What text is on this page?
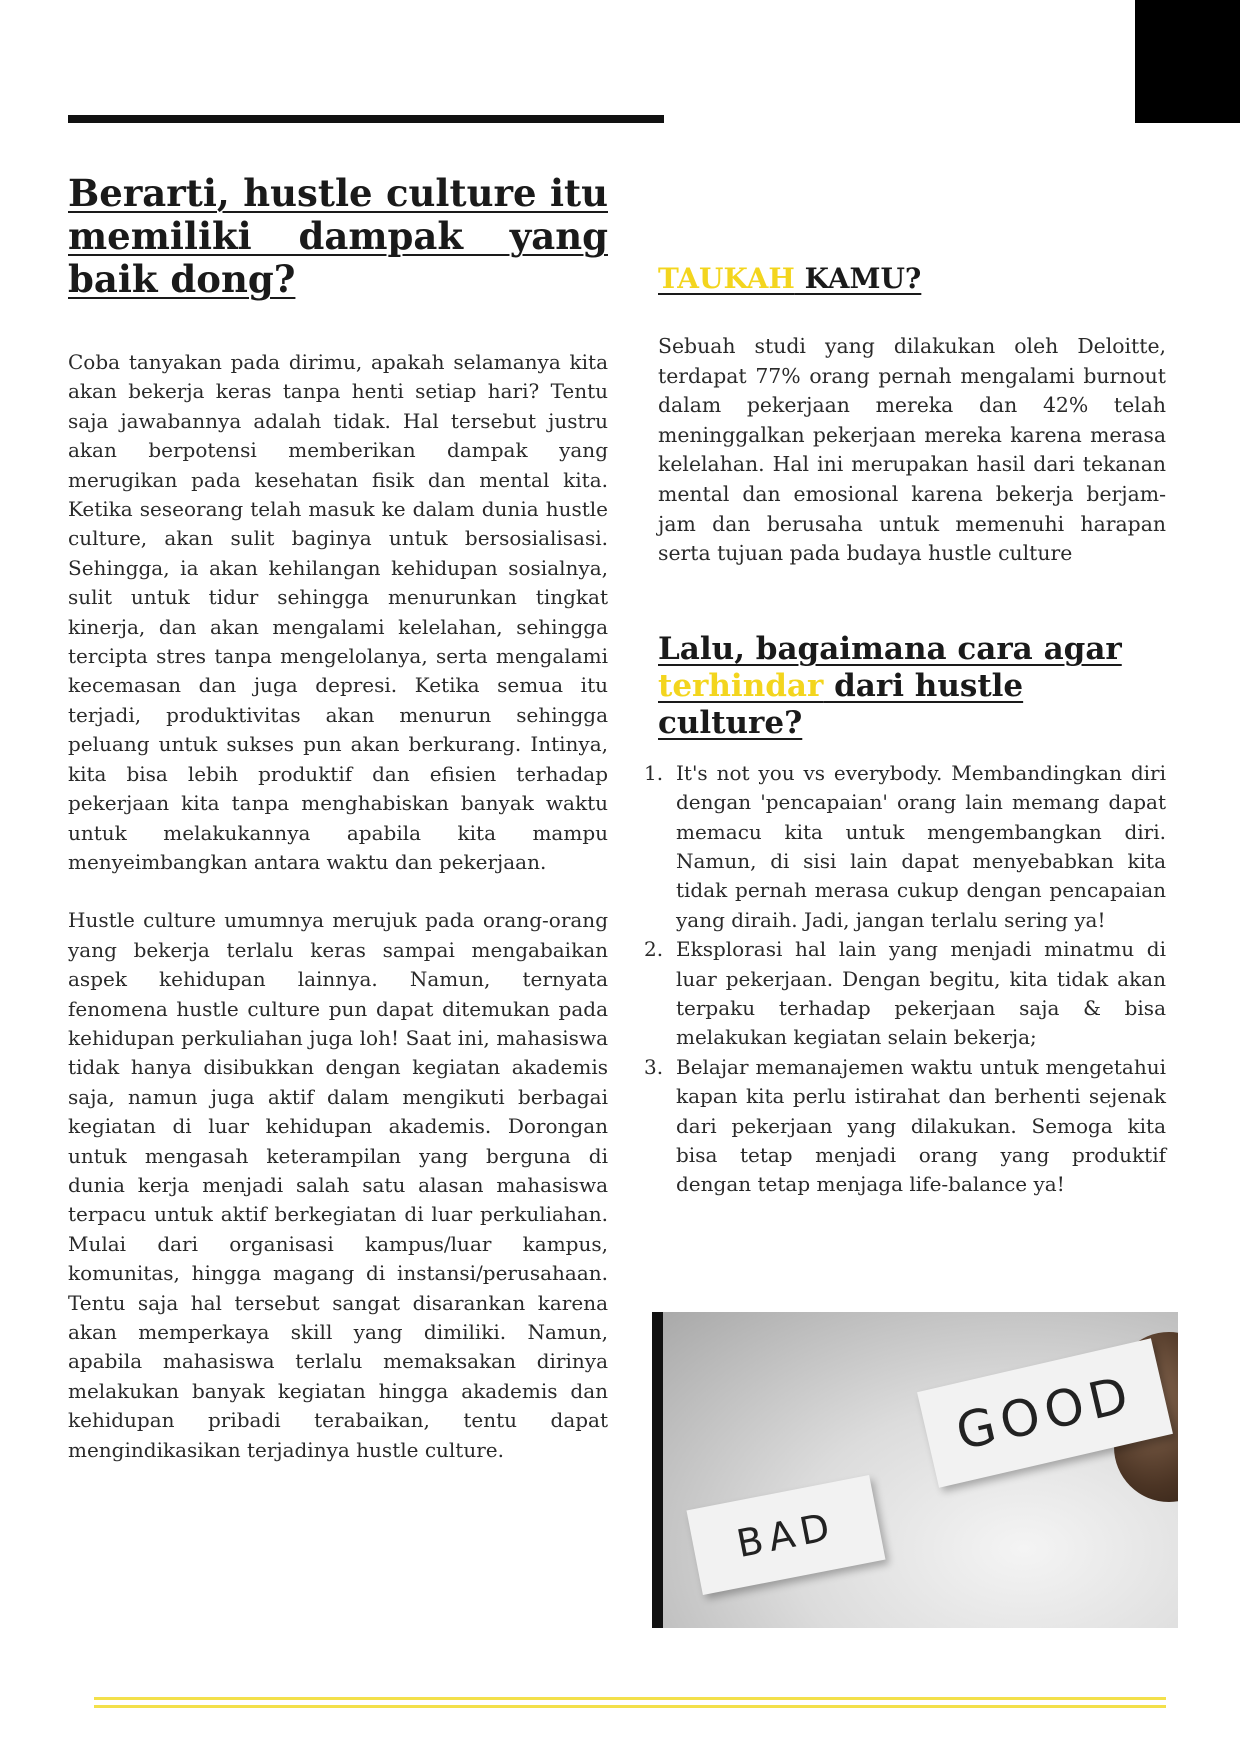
Berarti, hustle culture itu memiliki dampak yang baik dong?

Coba tanyakan pada dirimu, apakah selamanya kita akan bekerja keras tanpa henti setiap hari? Tentu saja jawabannya adalah tidak. Hal tersebut justru akan berpotensi memberikan dampak yang merugikan pada kesehatan fisik dan mental kita. Ketika seseorang telah masuk ke dalam dunia hustle culture, akan sulit baginya untuk bersosialisasi. Sehingga, ia akan kehilangan kehidupan sosialnya, sulit untuk tidur sehingga menurunkan tingkat kinerja, dan akan mengalami kelelahan, sehingga tercipta stres tanpa mengelolanya, serta mengalami kecemasan dan juga depresi. Ketika semua itu terjadi, produktivitas akan menurun sehingga peluang untuk sukses pun akan berkurang. Intinya, kita bisa lebih produktif dan efisien terhadap pekerjaan kita tanpa menghabiskan banyak waktu untuk melakukannya apabila kita mampu menyeimbangkan antara waktu dan pekerjaan.

Hustle culture umumnya merujuk pada orang-orang yang bekerja terlalu keras sampai mengabaikan aspek kehidupan lainnya. Namun, ternyata fenomena hustle culture pun dapat ditemukan pada kehidupan perkuliahan juga loh! Saat ini, mahasiswa tidak hanya disibukkan dengan kegiatan akademis saja, namun juga aktif dalam mengikuti berbagai kegiatan di luar kehidupan akademis. Dorongan untuk mengasah keterampilan yang berguna di dunia kerja menjadi salah satu alasan mahasiswa terpacu untuk aktif berkegiatan di luar perkuliahan. Mulai dari organisasi kampus/luar kampus, komunitas, hingga magang di instansi/perusahaan. Tentu saja hal tersebut sangat disarankan karena akan memperkaya skill yang dimiliki. Namun, apabila mahasiswa terlalu memaksakan dirinya melakukan banyak kegiatan hingga akademis dan kehidupan pribadi terabaikan, tentu dapat mengindikasikan terjadinya hustle culture.

TAUKAH KAMU?

Sebuah studi yang dilakukan oleh Deloitte, terdapat 77% orang pernah mengalami burnout dalam pekerjaan mereka dan 42% telah meninggalkan pekerjaan mereka karena merasa kelelahan. Hal ini merupakan hasil dari tekanan mental dan emosional karena bekerja berjam-jam dan berusaha untuk memenuhi harapan serta tujuan pada budaya hustle culture

Lalu, bagaimana cara agar terhindar dari hustle culture?
1. It's not you vs everybody. Membandingkan diri dengan 'pencapaian' orang lain memang dapat memacu kita untuk mengembangkan diri. Namun, di sisi lain dapat menyebabkan kita tidak pernah merasa cukup dengan pencapaian yang diraih. Jadi, jangan terlalu sering ya!

2. Eksplorasi hal lain yang menjadi minatmu di luar pekerjaan. Dengan begitu, kita tidak akan terpaku terhadap pekerjaan saja & bisa melakukan kegiatan selain bekerja;

3. Belajar memanajemen waktu untuk mengetahui kapan kita perlu istirahat dan berhenti sejenak dari pekerjaan yang dilakukan. Semoga kita bisa tetap menjadi orang yang produktif dengan tetap menjaga life-balance ya!

GOOD
BAD
